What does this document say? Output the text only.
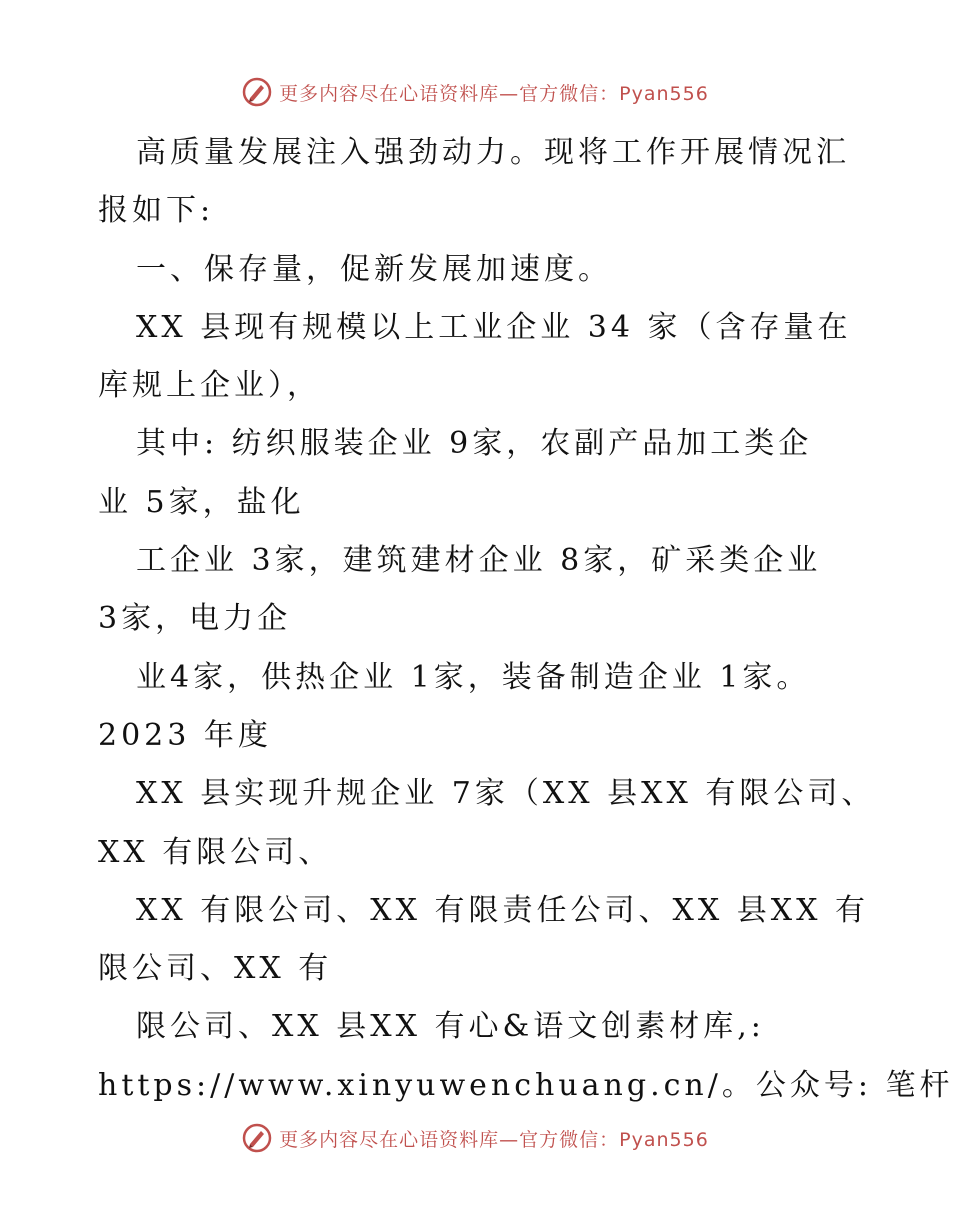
更多内容尽在心语资料库—官方微信：Pyan556
高质量发展注入强劲动力。现将工作开展情况汇
报如下:
一、保存量，促新发展加速度。
XX 县现有规模以上工业企业 34 家（含存量在
库规上企业），
其中: 纺织服装企业 9家，农副产品加工类企
业 5家，盐化
工企业 3家，建筑建材企业 8家，矿采类企业
3家，电力企
业4家，供热企业 1家，装备制造企业 1家。
2023 年度
XX 县实现升规企业 7家（XX 县XX 有限公司、
XX 有限公司、
XX 有限公司、XX 有限责任公司、XX 县XX 有
限公司、XX 有
限公司、XX 县XX 有心&语文创素材库,:
https://www.xinyuwenchuang.cn/。公众号: 笔杆
更多内容尽在心语资料库—官方微信：Pyan556
